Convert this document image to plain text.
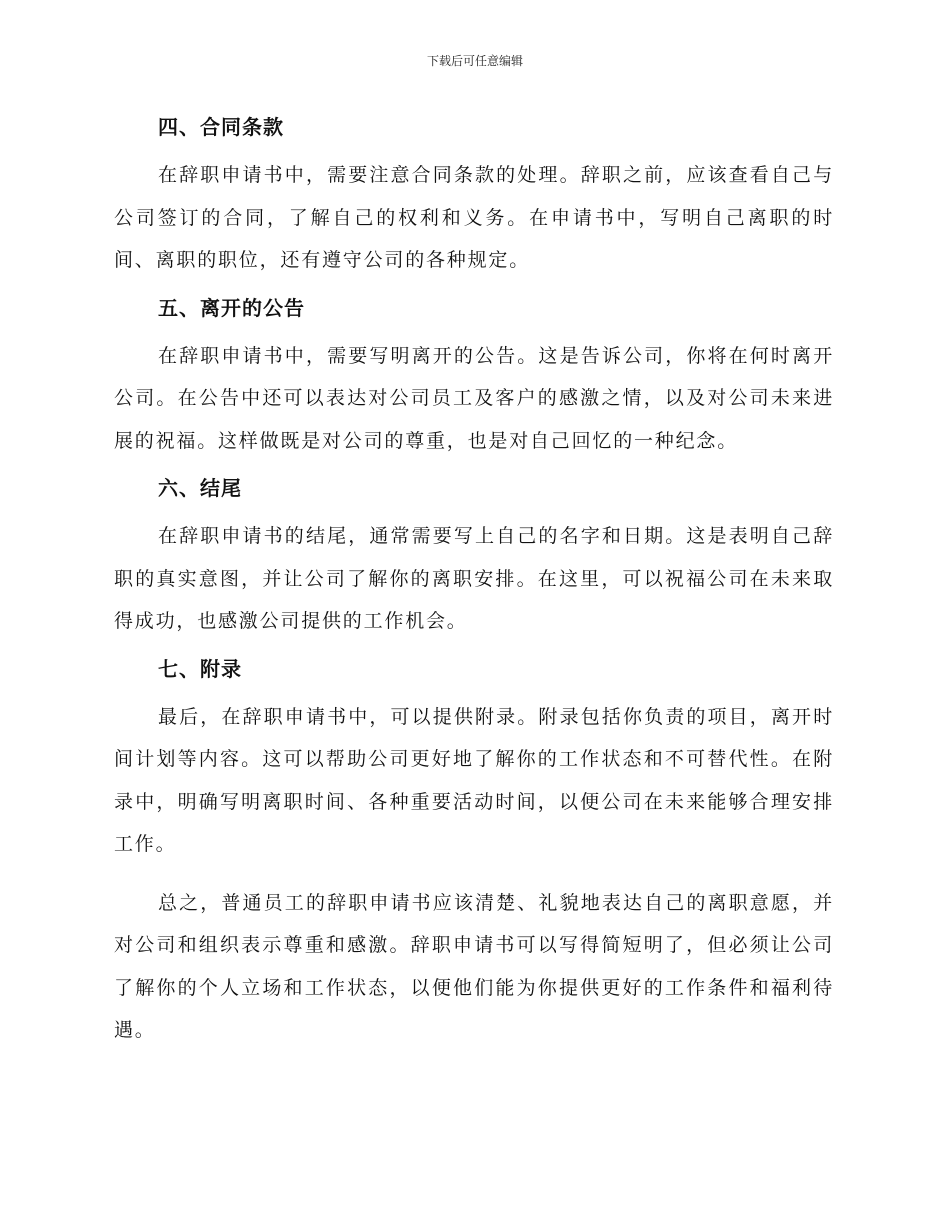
下载后可任意编辑
四、合同条款

在辞职申请书中，需要注意合同条款的处理。辞职之前，应该查看自己与公司签订的合同，了解自己的权利和义务。在申请书中，写明自己离职的时间、离职的职位，还有遵守公司的各种规定。

五、离开的公告

在辞职申请书中，需要写明离开的公告。这是告诉公司，你将在何时离开公司。在公告中还可以表达对公司员工及客户的感激之情，以及对公司未来进展的祝福。这样做既是对公司的尊重，也是对自己回忆的一种纪念。

六、结尾

在辞职申请书的结尾，通常需要写上自己的名字和日期。这是表明自己辞职的真实意图，并让公司了解你的离职安排。在这里，可以祝福公司在未来取得成功，也感激公司提供的工作机会。

七、附录

最后，在辞职申请书中，可以提供附录。附录包括你负责的项目，离开时间计划等内容。这可以帮助公司更好地了解你的工作状态和不可替代性。在附录中，明确写明离职时间、各种重要活动时间，以便公司在未来能够合理安排工作。

总之，普通员工的辞职申请书应该清楚、礼貌地表达自己的离职意愿，并对公司和组织表示尊重和感激。辞职申请书可以写得简短明了，但必须让公司了解你的个人立场和工作状态，以便他们能为你提供更好的工作条件和福利待遇。
